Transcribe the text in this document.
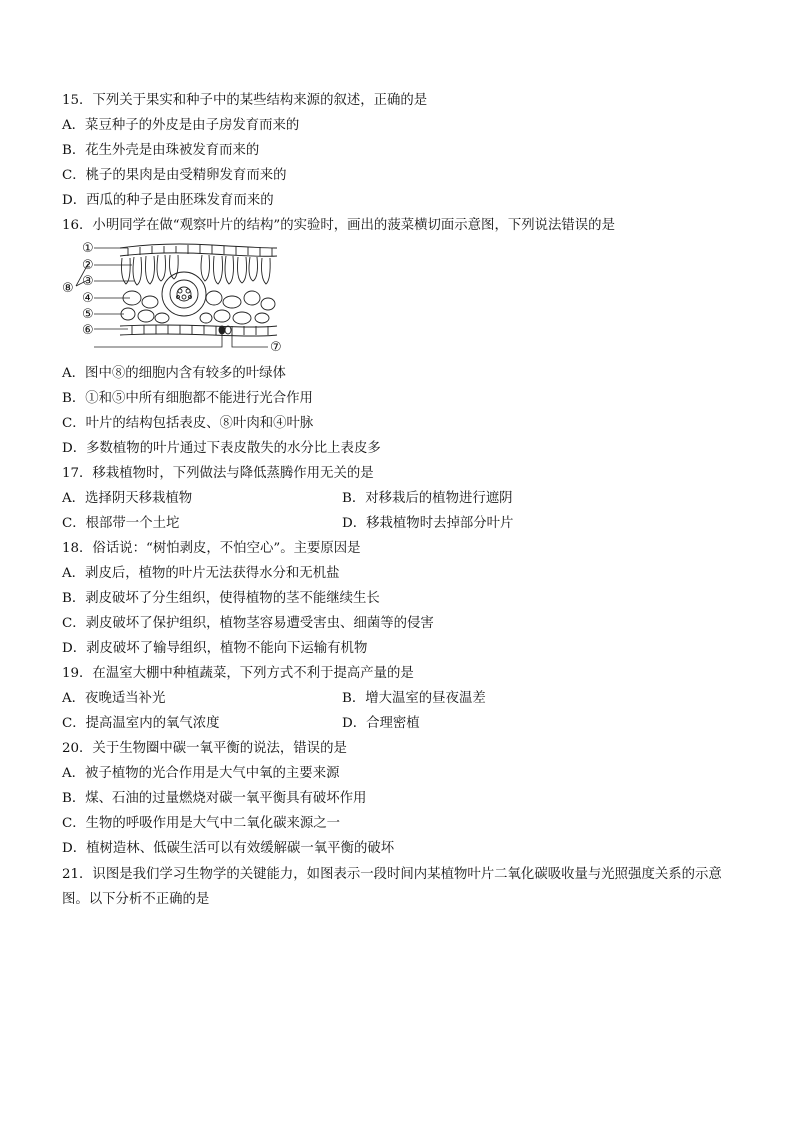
15．下列关于果实和种子中的某些结构来源的叙述，正确的是
A．菜豆种子的外皮是由子房发育而来的
B．花生外壳是由珠被发育而来的
C．桃子的果肉是由受精卵发育而来的
D．西瓜的种子是由胚珠发育而来的
16．小明同学在做“观察叶片的结构”的实验时，画出的菠菜横切面示意图，下列说法错误的是
①
②
③
④
⑤
⑥
⑦
⑧
A．图中⑧的细胞内含有较多的叶绿体
B．①和⑤中所有细胞都不能进行光合作用
C．叶片的结构包括表皮、⑧叶肉和④叶脉
D．多数植物的叶片通过下表皮散失的水分比上表皮多
17．移栽植物时，下列做法与降低蒸腾作用无关的是
A．选择阴天移栽植物	B．对移栽后的植物进行遮阴
C．根部带一个土坨	D．移栽植物时去掉部分叶片
18．俗话说：“树怕剥皮，不怕空心”。主要原因是
A．剥皮后，植物的叶片无法获得水分和无机盐
B．剥皮破坏了分生组织，使得植物的茎不能继续生长
C．剥皮破坏了保护组织，植物茎容易遭受害虫、细菌等的侵害
D．剥皮破坏了输导组织，植物不能向下运输有机物
19．在温室大棚中种植蔬菜，下列方式不利于提高产量的是
A．夜晚适当补光	B．增大温室的昼夜温差
C．提高温室内的氧气浓度	D．合理密植
20．关于生物圈中碳一氧平衡的说法，错误的是
A．被子植物的光合作用是大气中氧的主要来源
B．煤、石油的过量燃烧对碳一氧平衡具有破坏作用
C．生物的呼吸作用是大气中二氧化碳来源之一
D．植树造林、低碳生活可以有效缓解碳一氧平衡的破坏
21．识图是我们学习生物学的关键能力，如图表示一段时间内某植物叶片二氧化碳吸收量与光照强度关系的示意图。以下分析不正确的是
